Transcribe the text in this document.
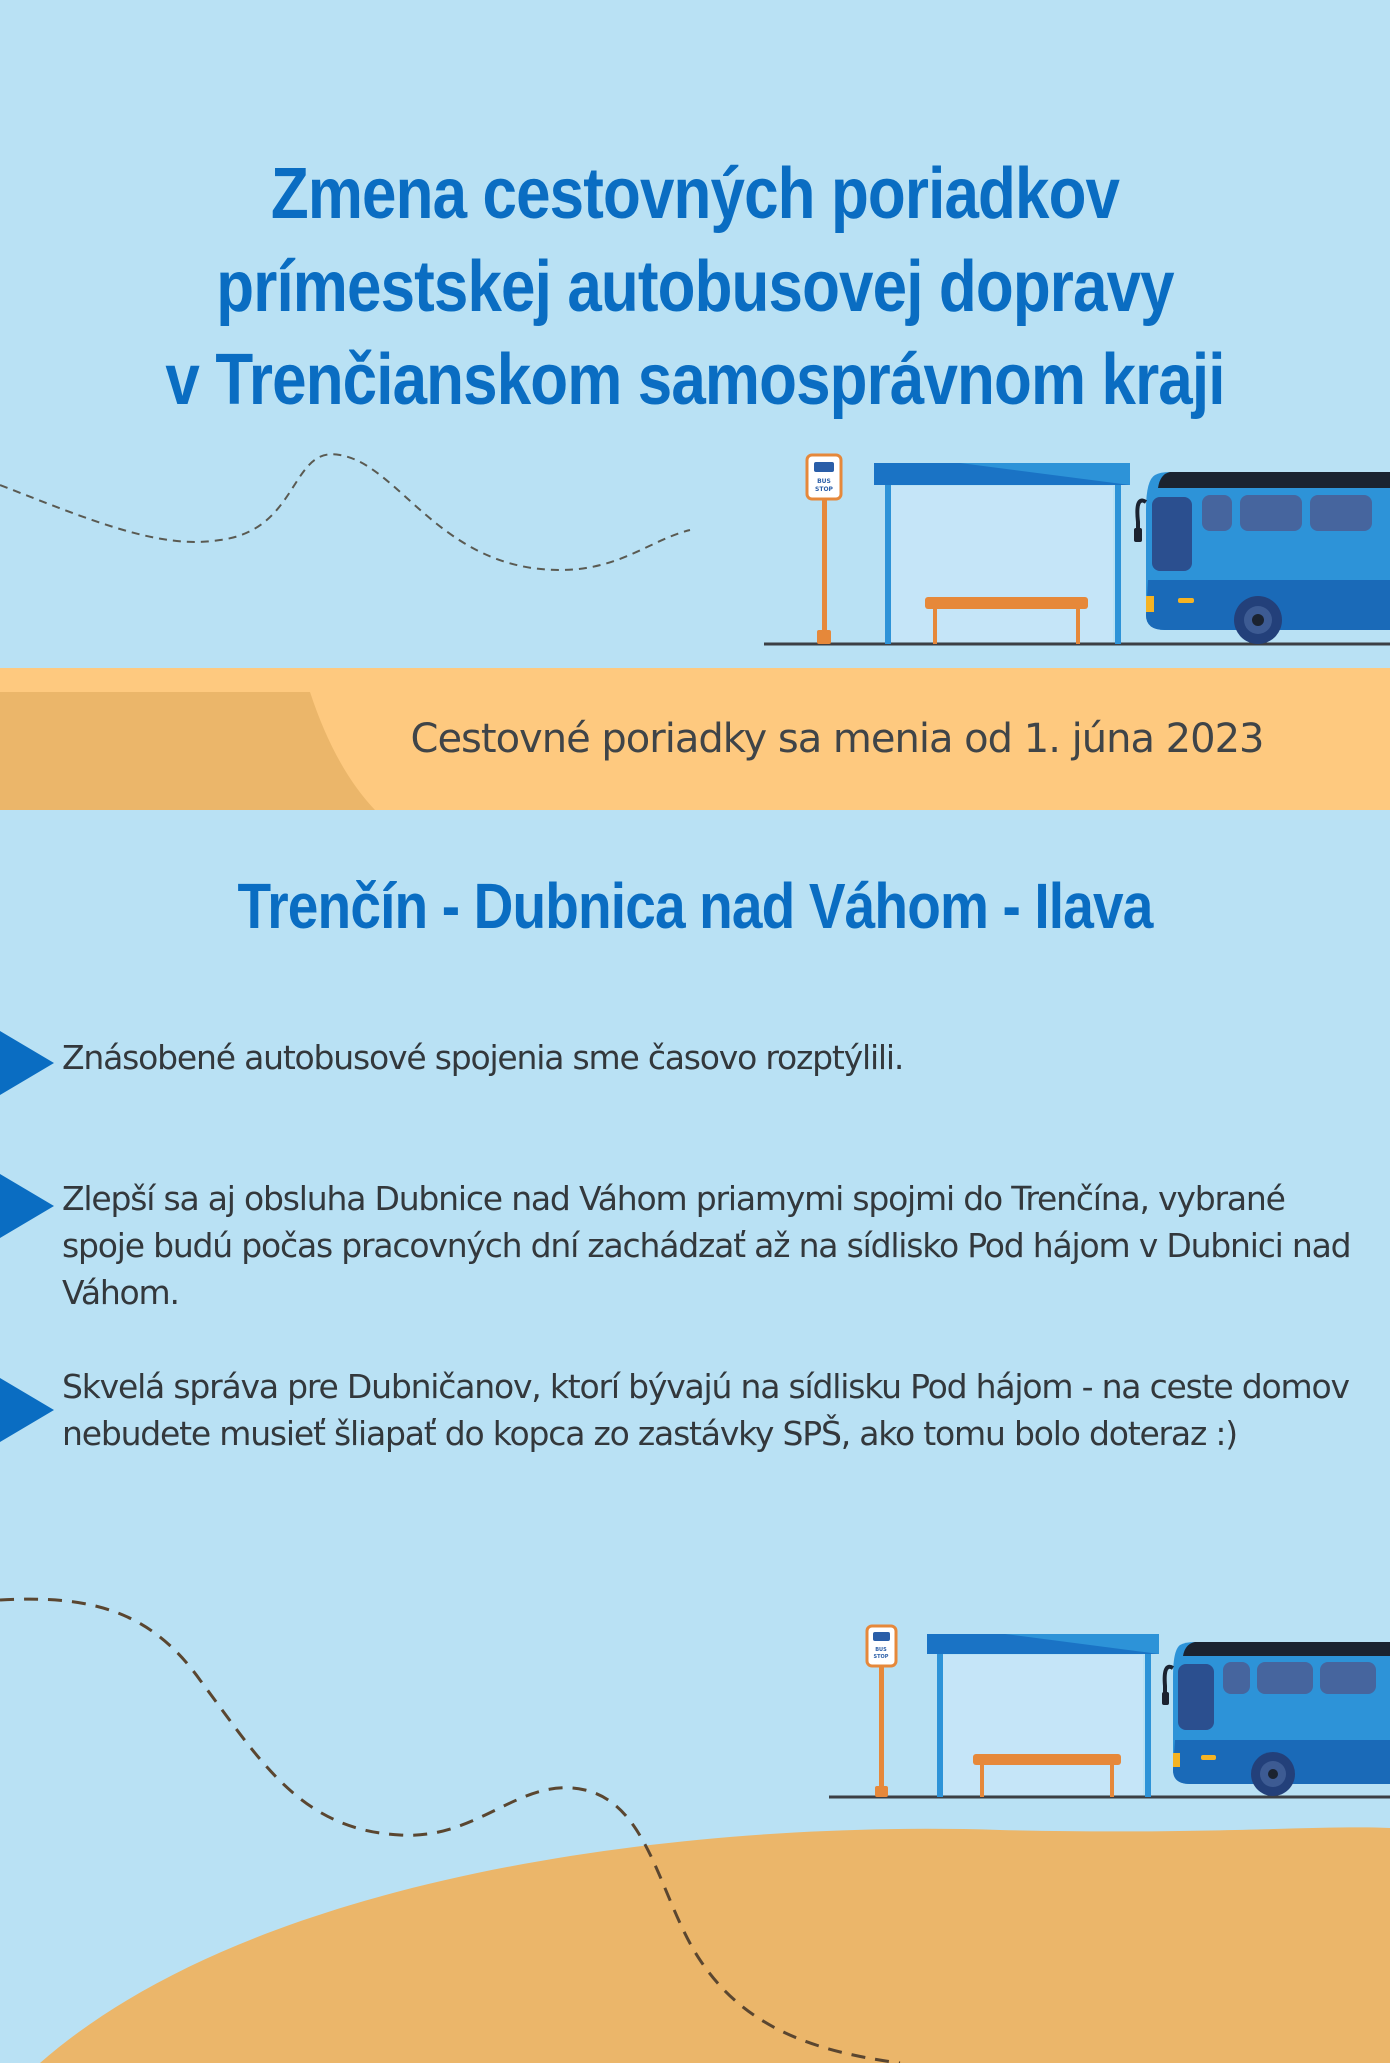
Zmena cestovných poriadkov
prímestskej autobusovej dopravy
v Trenčianskom samosprávnom kraji
BUS
STOP
Cestovné poriadky sa menia od 1. júna 2023
Trenčín - Dubnica nad Váhom - Ilava
Znásobené autobusové spojenia sme časovo rozptýlili.
Zlepší sa aj obsluha Dubnice nad Váhom priamymi spojmi do Trenčína, vybrané spoje budú počas pracovných dní zachádzať až na sídlisko Pod hájom v Dubnici nad Váhom.
Skvelá správa pre Dubničanov, ktorí bývajú na sídlisku Pod hájom - na ceste domov nebudete musieť šliapať do kopca zo zastávky SPŠ, ako tomu bolo doteraz :)
BUS
STOP
